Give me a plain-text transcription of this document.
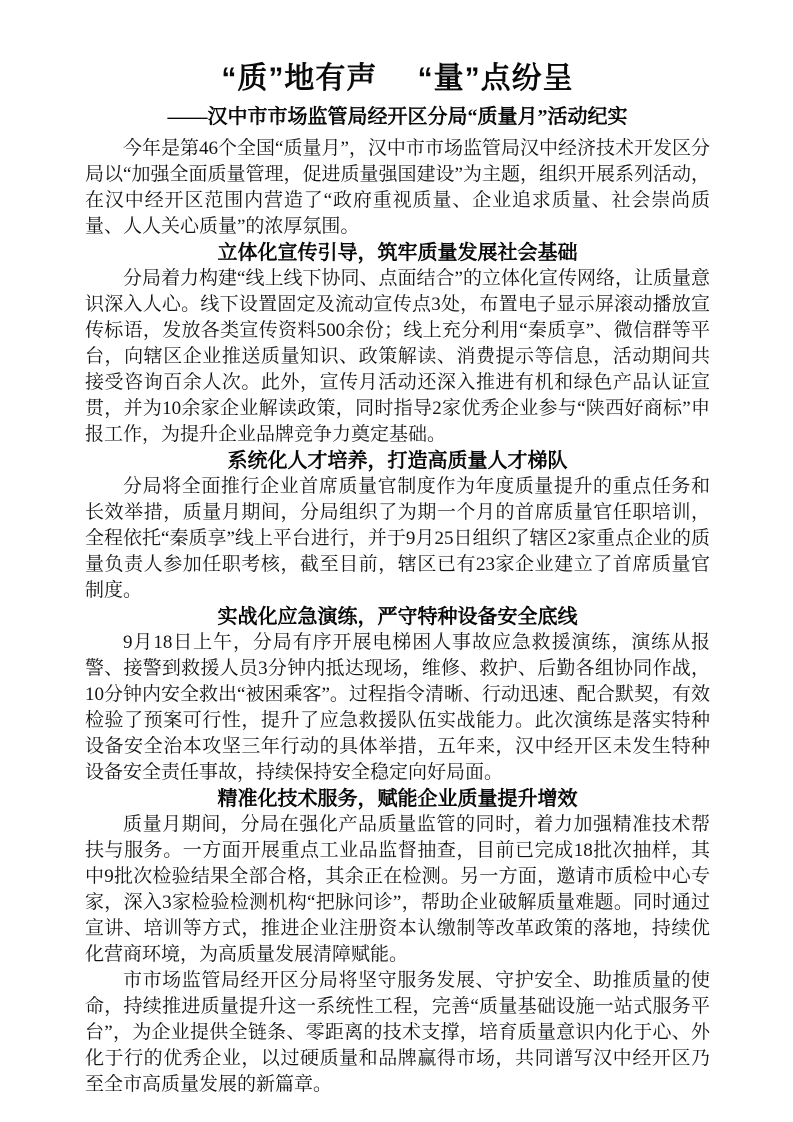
“质”地有声　 “量”点纷呈
——汉中市市场监管局经开区分局“质量月”活动纪实

今年是第46个全国“质量月”，汉中市市场监管局汉中经济技术开发区分局以“加强全面质量管理，促进质量强国建设”为主题，组织开展系列活动，在汉中经开区范围内营造了“政府重视质量、企业追求质量、社会崇尚质量、人人关心质量”的浓厚氛围。

立体化宣传引导，筑牢质量发展社会基础

分局着力构建“线上线下协同、点面结合”的立体化宣传网络，让质量意识深入人心。线下设置固定及流动宣传点3处，布置电子显示屏滚动播放宣传标语，发放各类宣传资料500余份；线上充分利用“秦质享”、微信群等平台，向辖区企业推送质量知识、政策解读、消费提示等信息，活动期间共接受咨询百余人次。此外，宣传月活动还深入推进有机和绿色产品认证宣贯，并为10余家企业解读政策，同时指导2家优秀企业参与“陕西好商标”申报工作，为提升企业品牌竞争力奠定基础。

系统化人才培养，打造高质量人才梯队

分局将全面推行企业首席质量官制度作为年度质量提升的重点任务和长效举措，质量月期间，分局组织了为期一个月的首席质量官任职培训，全程依托“秦质享”线上平台进行，并于9月25日组织了辖区2家重点企业的质量负责人参加任职考核，截至目前，辖区已有23家企业建立了首席质量官制度。

实战化应急演练，严守特种设备安全底线

9月18日上午，分局有序开展电梯困人事故应急救援演练，演练从报警、接警到救援人员3分钟内抵达现场，维修、救护、后勤各组协同作战，10分钟内安全救出“被困乘客”。过程指令清晰、行动迅速、配合默契，有效检验了预案可行性，提升了应急救援队伍实战能力。此次演练是落实特种设备安全治本攻坚三年行动的具体举措，五年来，汉中经开区未发生特种设备安全责任事故，持续保持安全稳定向好局面。

精准化技术服务，赋能企业质量提升增效

质量月期间，分局在强化产品质量监管的同时，着力加强精准技术帮扶与服务。一方面开展重点工业品监督抽查，目前已完成18批次抽样，其中9批次检验结果全部合格，其余正在检测。另一方面，邀请市质检中心专家，深入3家检验检测机构“把脉问诊”，帮助企业破解质量难题。同时通过宣讲、培训等方式，推进企业注册资本认缴制等改革政策的落地，持续优化营商环境，为高质量发展清障赋能。

市市场监管局经开区分局将坚守服务发展、守护安全、助推质量的使命，持续推进质量提升这一系统性工程，完善“质量基础设施一站式服务平台”，为企业提供全链条、零距离的技术支撑，培育质量意识内化于心、外化于行的优秀企业，以过硬质量和品牌赢得市场，共同谱写汉中经开区乃至全市高质量发展的新篇章。
